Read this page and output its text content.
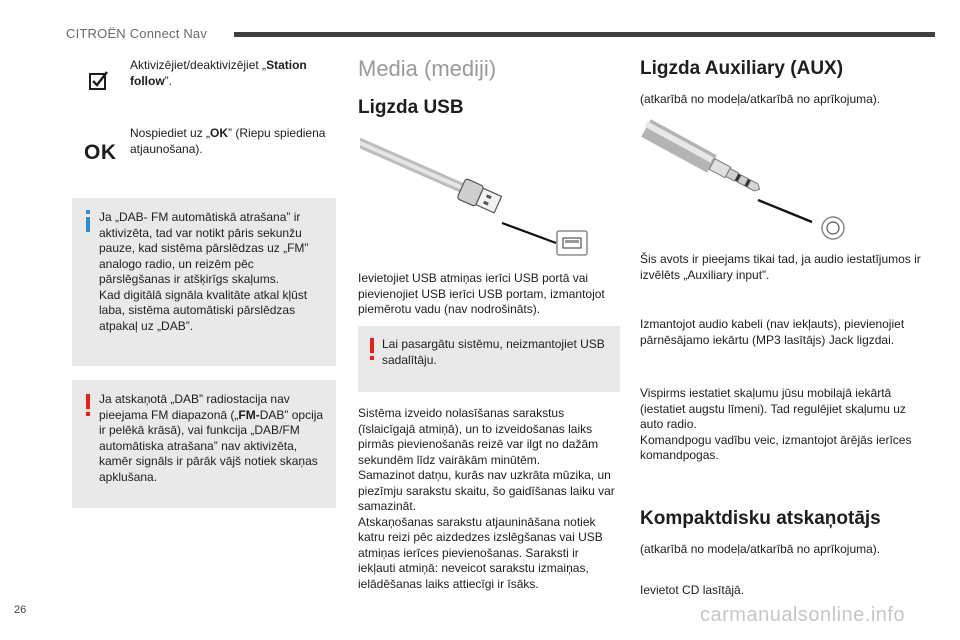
CITROËN Connect Nav

Aktivizējiet/deaktivizējiet „Station follow”.

OK

Nospiediet uz „OK” (Riepu spiediena atjaunošana).

Ja „DAB- FM automātiskā atrašana” ir aktivizēta, tad var notikt pāris sekunžu pauze, kad sistēma pārslēdzas uz „FM” analogo radio, un reizēm pēc pārslēgšanas ir atšķirīgs skaļums.
Kad digitālā signāla kvalitāte atkal kļūst laba, sistēma automātiski pārslēdzas atpakaļ uz „DAB”.
Ja atskaņotā „DAB” radiostacija nav pieejama FM diapazonā („FM-DAB” opcija ir pelēkā krāsā), vai funkcija „DAB/FM automātiska atrašana” nav aktivizēta, kamēr signāls ir pārāk vājš notiek skaņas apklušana.
Media (mediji)
Ligzda USB

Ievietojiet USB atmiņas ierīci USB portā vai pievienojiet USB ierīci USB portam, izmantojot piemērotu vadu (nav nodrošināts).

Lai pasargātu sistēmu, neizmantojiet USB sadalītāju.

Sistēma izveido nolasīšanas sarakstus (īslaicīgajā atmiņā), un to izveidošanas laiks pirmās pievienošanās reizē var ilgt no dažām sekundēm līdz vairākām minūtēm.
Samazinot datņu, kurās nav uzkrāta mūzika, un piezīmju sarakstu skaitu, šo gaidīšanas laiku var samazināt.
Atskaņošanas sarakstu atjaunināšana notiek katru reizi pēc aizdedzes izslēgšanas vai USB atmiņas ierīces pievienošanas. Saraksti ir iekļauti atmiņā: neveicot sarakstu izmaiņas, ielādēšanas laiks attiecīgi ir īsāks.

Ligzda Auxiliary (AUX)

(atkarībā no modeļa/atkarībā no aprīkojuma).

Šis avots ir pieejams tikai tad, ja audio iestatījumos ir izvēlēts „Auxiliary input”.

Izmantojot audio kabeli (nav iekļauts), pievienojiet pārnēsājamo iekārtu (MP3 lasītājs) Jack ligzdai.

Vispirms iestatiet skaļumu jūsu mobilajā iekārtā (iestatiet augstu līmeni). Tad regulējiet skaļumu uz auto radio.
Komandpogu vadību veic, izmantojot ārējās ierīces komandpogas.

Kompaktdisku atskaņotājs

(atkarībā no modeļa/atkarībā no aprīkojuma).

Ievietot CD lasītājā.

26	carmanualsonline.info
